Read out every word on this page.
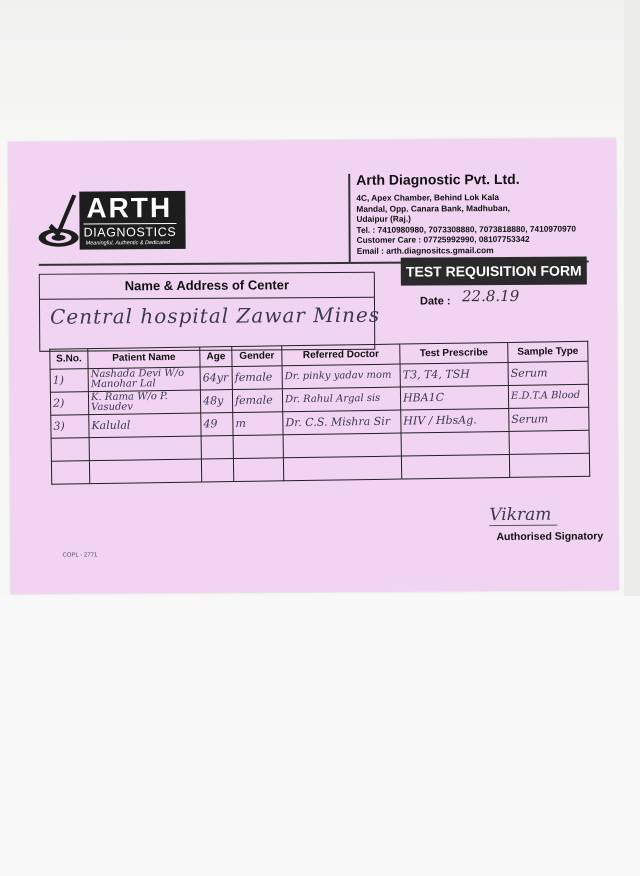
ARTH
DIAGNOSTICS
Meaningful, Authentic & Dedicated
Arth Diagnostic Pvt. Ltd.
4C, Apex Chamber, Behind Lok Kala
Mandal, Opp. Canara Bank, Madhuban,
Udaipur (Raj.)
Tel. : 7410980980, 7073308880, 7073818880, 7410970970
Customer Care : 07725992990, 08107753342
Email : arth.diagnositcs.gmail.com
Name & Address of Center
Central hospital Zawar Mines
TEST REQUISITION FORM
Date : 22.8.19
S.No.	Patient Name	Age	Gender	Referred Doctor	Test Prescribe	Sample Type
1)	Nashada Devi W/o Manohar Lal	64yr	female	Dr. pinky yadav mom	T3, T4, TSH	Serum
2)	K. Rama W/o P. Vasudev	48y	female	Dr. Rahul Argal sis	HBA1C	E.D.T.A Blood
3)	Kalulal	49	m	Dr. C.S. Mishra Sir	HIV / HbsAg.	Serum

Vikram
Authorised Signatory
COPL - 2771
